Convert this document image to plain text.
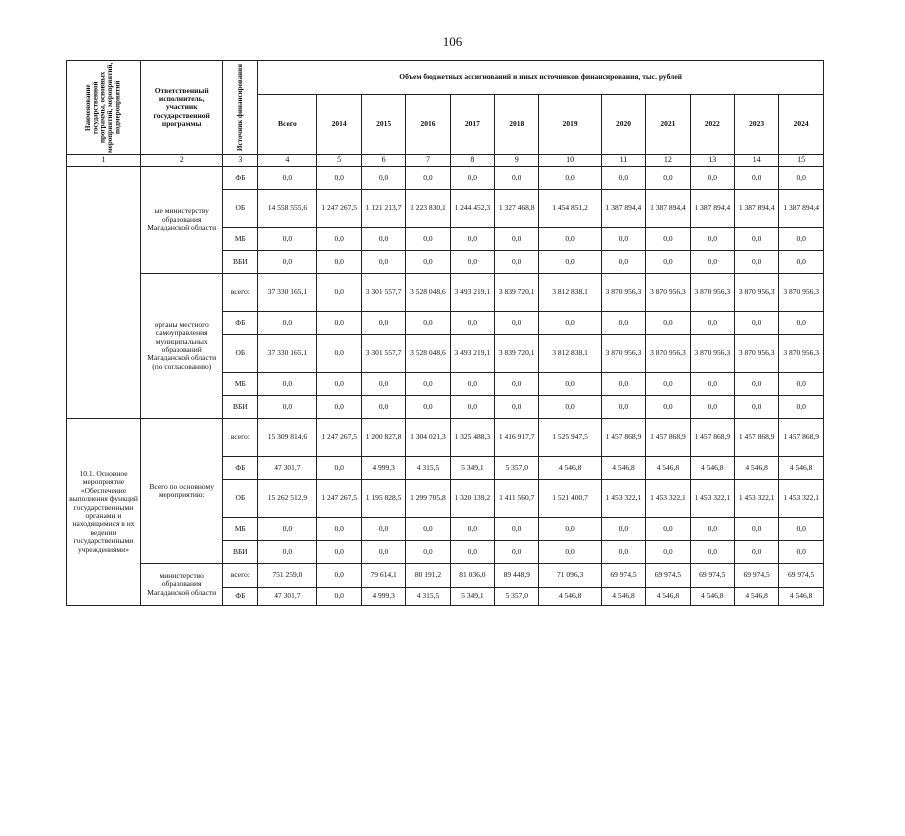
106
Наименование государственной программы, основных мероприятий, мероприятий, подмероприятий	Ответственный исполнитель, участник государственной программы	Источник финансирования	Объем бюджетных ассигнований и иных источников финансирования, тыс. рублей											
			Всего	2014	2015	2016	2017	2018	2019	2020	2021	2022	2023	2024
1	2	3	4	5	6	7	8	9	10	11	12	13	14	15
	ые министерству образования Магаданской области	ФБ	0,0	0,0	0,0	0,0	0,0	0,0	0,0	0,0	0,0	0,0	0,0	0,0
		ОБ	14 558 555,6	1 247 267,5	1 121 213,7	1 223 830,1	1 244 452,3	1 327 468,8	1 454 851,2	1 387 894,4	1 387 894,4	1 387 894,4	1 387 894,4	1 387 894,4
		МБ	0,0	0,0	0,0	0,0	0,0	0,0	0,0	0,0	0,0	0,0	0,0	0,0
		ВБИ	0,0	0,0	0,0	0,0	0,0	0,0	0,0	0,0	0,0	0,0	0,0	0,0
	органы местного самоуправления муниципальных образований Магаданской области (по согласованию)	всего:	37 330 165,1	0,0	3 301 557,7	3 528 048,6	3 493 219,1	3 839 720,1	3 812 838,1	3 870 956,3	3 870 956,3	3 870 956,3	3 870 956,3	3 870 956,3
		ФБ	0,0	0,0	0,0	0,0	0,0	0,0	0,0	0,0	0,0	0,0	0,0	0,0
		ОБ	37 330 165,1	0,0	3 301 557,7	3 528 048,6	3 493 219,1	3 839 720,1	3 812 838,1	3 870 956,3	3 870 956,3	3 870 956,3	3 870 956,3	3 870 956,3
		МБ	0,0	0,0	0,0	0,0	0,0	0,0	0,0	0,0	0,0	0,0	0,0	0,0
		ВБИ	0,0	0,0	0,0	0,0	0,0	0,0	0,0	0,0	0,0	0,0	0,0	0,0
10.1. Основное мероприятие «Обеспечение выполнения функций государственными органами и находящимися в их ведении государственными учреждениями»	Всего по основному мероприятию:	всего:	15 309 814,6	1 247 267,5	1 200 827,8	1 304 021,3	1 325 488,3	1 416 917,7	1 525 947,5	1 457 868,9	1 457 868,9	1 457 868,9	1 457 868,9	1 457 868,9
		ФБ	47 301,7	0,0	4 999,3	4 315,5	5 349,1	5 357,0	4 546,8	4 546,8	4 546,8	4 546,8	4 546,8	4 546,8
		ОБ	15 262 512,9	1 247 267,5	1 195 828,5	1 299 705,8	1 320 139,2	1 411 560,7	1 521 400,7	1 453 322,1	1 453 322,1	1 453 322,1	1 453 322,1	1 453 322,1
		МБ	0,0	0,0	0,0	0,0	0,0	0,0	0,0	0,0	0,0	0,0	0,0	0,0
		ВБИ	0,0	0,0	0,0	0,0	0,0	0,0	0,0	0,0	0,0	0,0	0,0	0,0
	министерство образования Магаданской области	всего:	751 259,0	0,0	79 614,1	80 191,2	81 036,0	89 448,9	71 096,3	69 974,5	69 974,5	69 974,5	69 974,5	69 974,5
		ФБ	47 301,7	0,0	4 999,3	4 315,5	5 349,1	5 357,0	4 546,8	4 546,8	4 546,8	4 546,8	4 546,8	4 546,8
